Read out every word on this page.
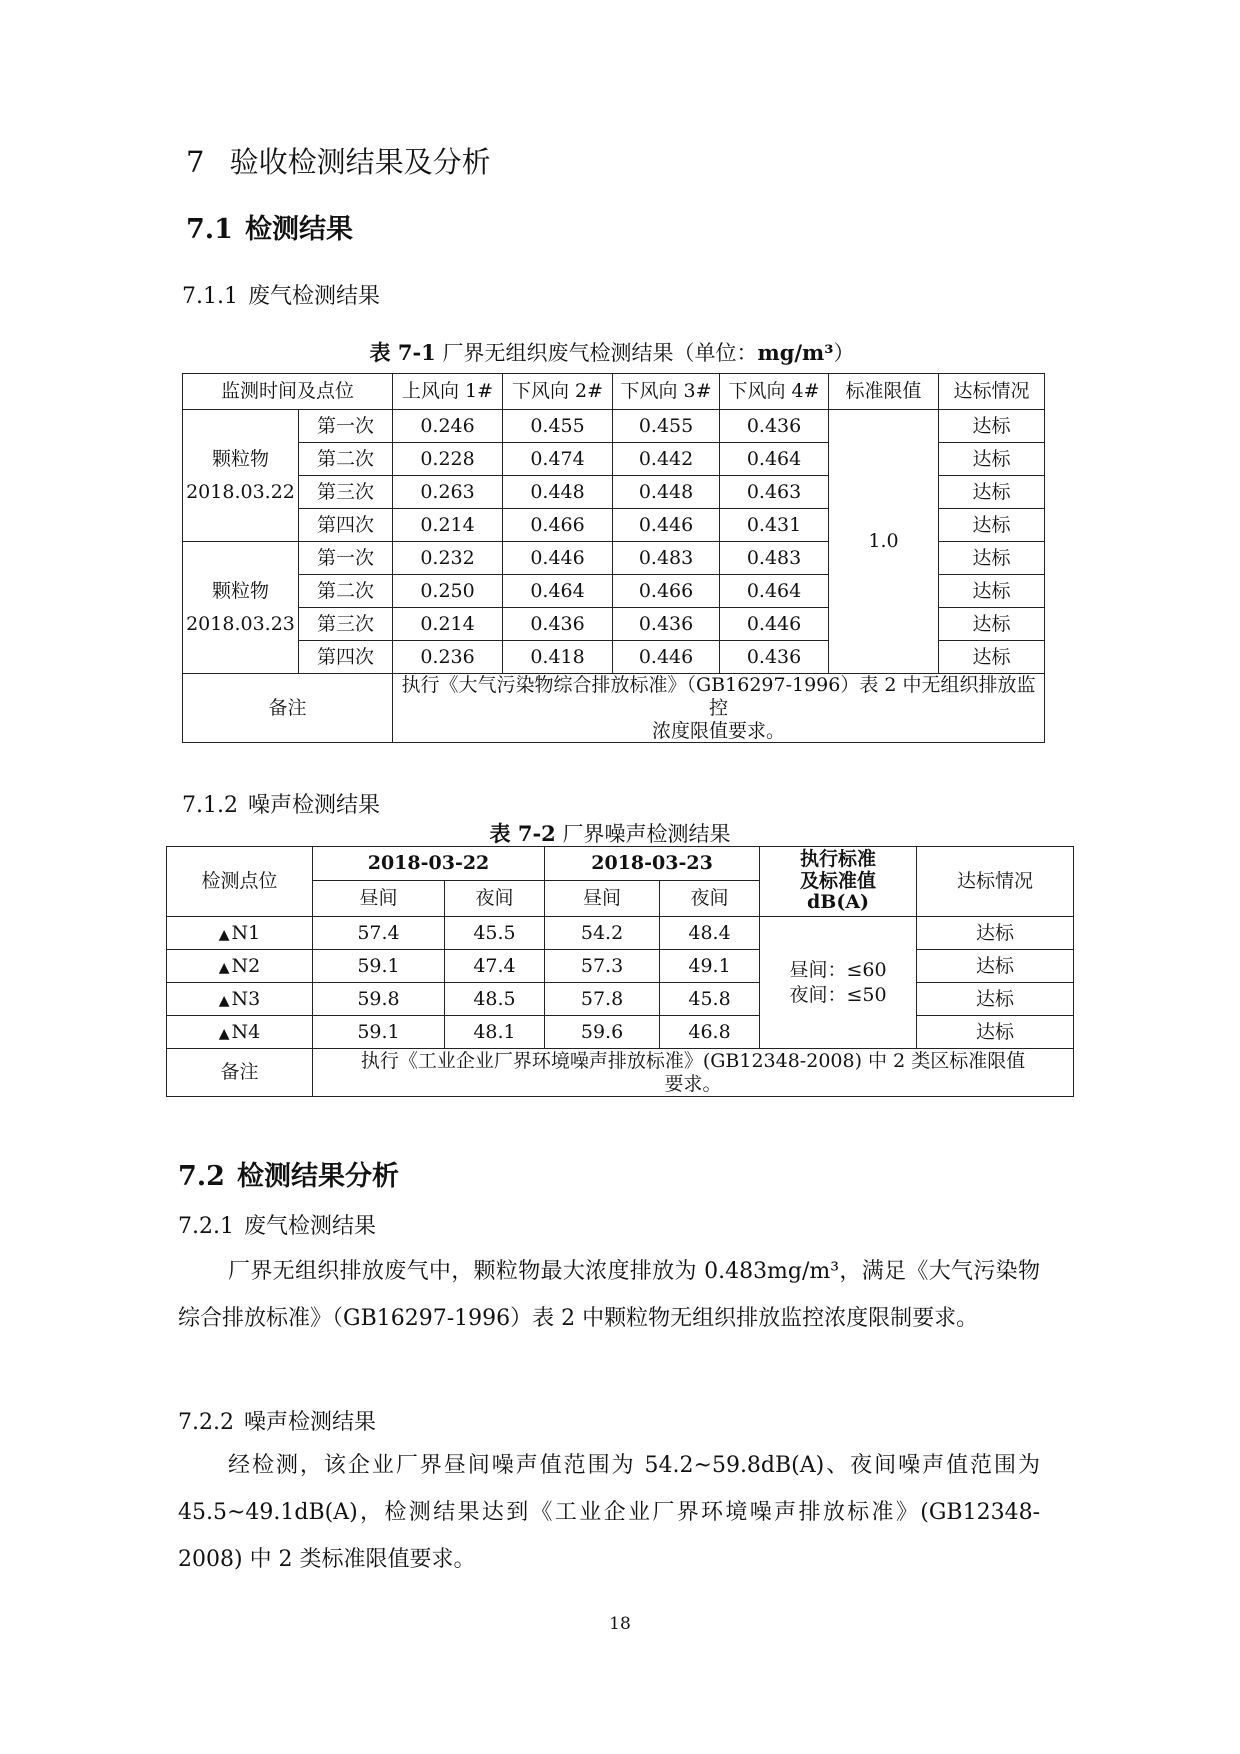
7 验收检测结果及分析
7.1 检测结果
7.1.1 废气检测结果
表 7-1 厂界无组织废气检测结果（单位：mg/m³）
监测时间及点位		上风向 1#	下风向 2#	下风向 3#	下风向 4#	标准限值	达标情况
颗粒物
2018.03.22	第一次	0.246	0.455	0.455	0.436	1.0	达标
	第二次	0.228	0.474	0.442	0.464		达标
	第三次	0.263	0.448	0.448	0.463		达标
	第四次	0.214	0.466	0.446	0.431		达标
颗粒物
2018.03.23	第一次	0.232	0.446	0.483	0.483		达标
	第二次	0.250	0.464	0.466	0.464		达标
	第三次	0.214	0.436	0.436	0.446		达标
	第四次	0.236	0.418	0.446	0.436		达标
备注		执行《大气污染物综合排放标准》（GB16297-1996）表 2 中无组织排放监控
浓度限值要求。					
7.1.2 噪声检测结果
表 7-2 厂界噪声检测结果
检测点位	2018-03-22		2018-03-23		执行标准
及标准值
dB(A)	达标情况
	昼间	夜间	昼间	夜间		
▲ N1	57.4	45.5	54.2	48.4	昼间：≤60
夜间：≤50	达标
▲ N2	59.1	47.4	57.3	49.1		达标
▲ N3	59.8	48.5	57.8	45.8		达标
▲ N4	59.1	48.1	59.6	46.8		达标
备注	执行《工业企业厂界环境噪声排放标准》(GB12348-2008) 中 2 类区标准限值
要求。					
7.2 检测结果分析
7.2.1 废气检测结果
厂界无组织排放废气中，颗粒物最大浓度排放为 0.483mg/m³，满足《大气污染物综合排放标准》（GB16297-1996）表 2 中颗粒物无组织排放监控浓度限制要求。
7.2.2 噪声检测结果
经检测，该企业厂界昼间噪声值范围为 54.2~59.8dB(A)、夜间噪声值范围为 45.5~49.1dB(A)，检测结果达到《工业企业厂界环境噪声排放标准》(GB12348-2008) 中 2 类标准限值要求。
18
